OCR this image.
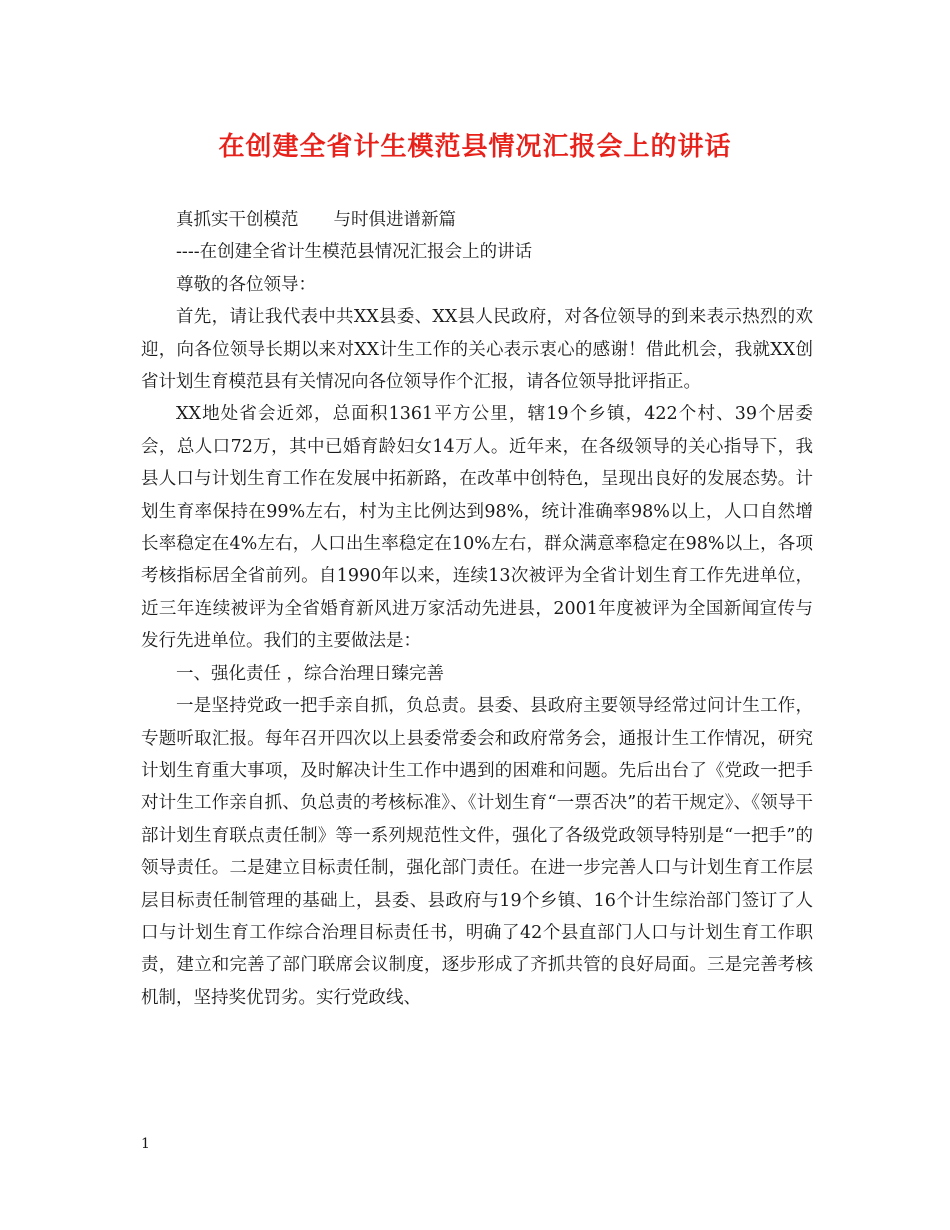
在创建全省计生模范县情况汇报会上的讲话

真抓实干创模范　　与时俱进谱新篇

----在创建全省计生模范县情况汇报会上的讲话

尊敬的各位领导：

首先，请让我代表中共XX县委、XX县人民政府，对各位领导的到来表示热烈的欢迎，向各位领导长期以来对XX计生工作的关心表示衷心的感谢！借此机会，我就XX创省计划生育模范县有关情况向各位领导作个汇报，请各位领导批评指正。

XX地处省会近郊，总面积1361平方公里，辖19个乡镇，422个村、39个居委会，总人口72万，其中已婚育龄妇女14万人。近年来，在各级领导的关心指导下，我县人口与计划生育工作在发展中拓新路，在改革中创特色，呈现出良好的发展态势。计划生育率保持在99%左右，村为主比例达到98%，统计准确率98%以上，人口自然增长率稳定在4%左右，人口出生率稳定在10%左右，群众满意率稳定在98%以上，各项考核指标居全省前列。自1990年以来，连续13次被评为全省计划生育工作先进单位，近三年连续被评为全省婚育新风进万家活动先进县，2001年度被评为全国新闻宣传与发行先进单位。我们的主要做法是：

一、强化责任 ，综合治理日臻完善

一是坚持党政一把手亲自抓，负总责。县委、县政府主要领导经常过问计生工作，专题听取汇报。每年召开四次以上县委常委会和政府常务会，通报计生工作情况，研究计划生育重大事项，及时解决计生工作中遇到的困难和问题。先后出台了《党政一把手对计生工作亲自抓、负总责的考核标准》、《计划生育“一票否决”的若干规定》、《领导干部计划生育联点责任制》等一系列规范性文件，强化了各级党政领导特别是“一把手”的领导责任。二是建立目标责任制，强化部门责任。在进一步完善人口与计划生育工作层层目标责任制管理的基础上，县委、县政府与19个乡镇、16个计生综治部门签订了人口与计划生育工作综合治理目标责任书，明确了42个县直部门人口与计划生育工作职责，建立和完善了部门联席会议制度，逐步形成了齐抓共管的良好局面。三是完善考核机制，坚持奖优罚劣。实行党政线、

1
